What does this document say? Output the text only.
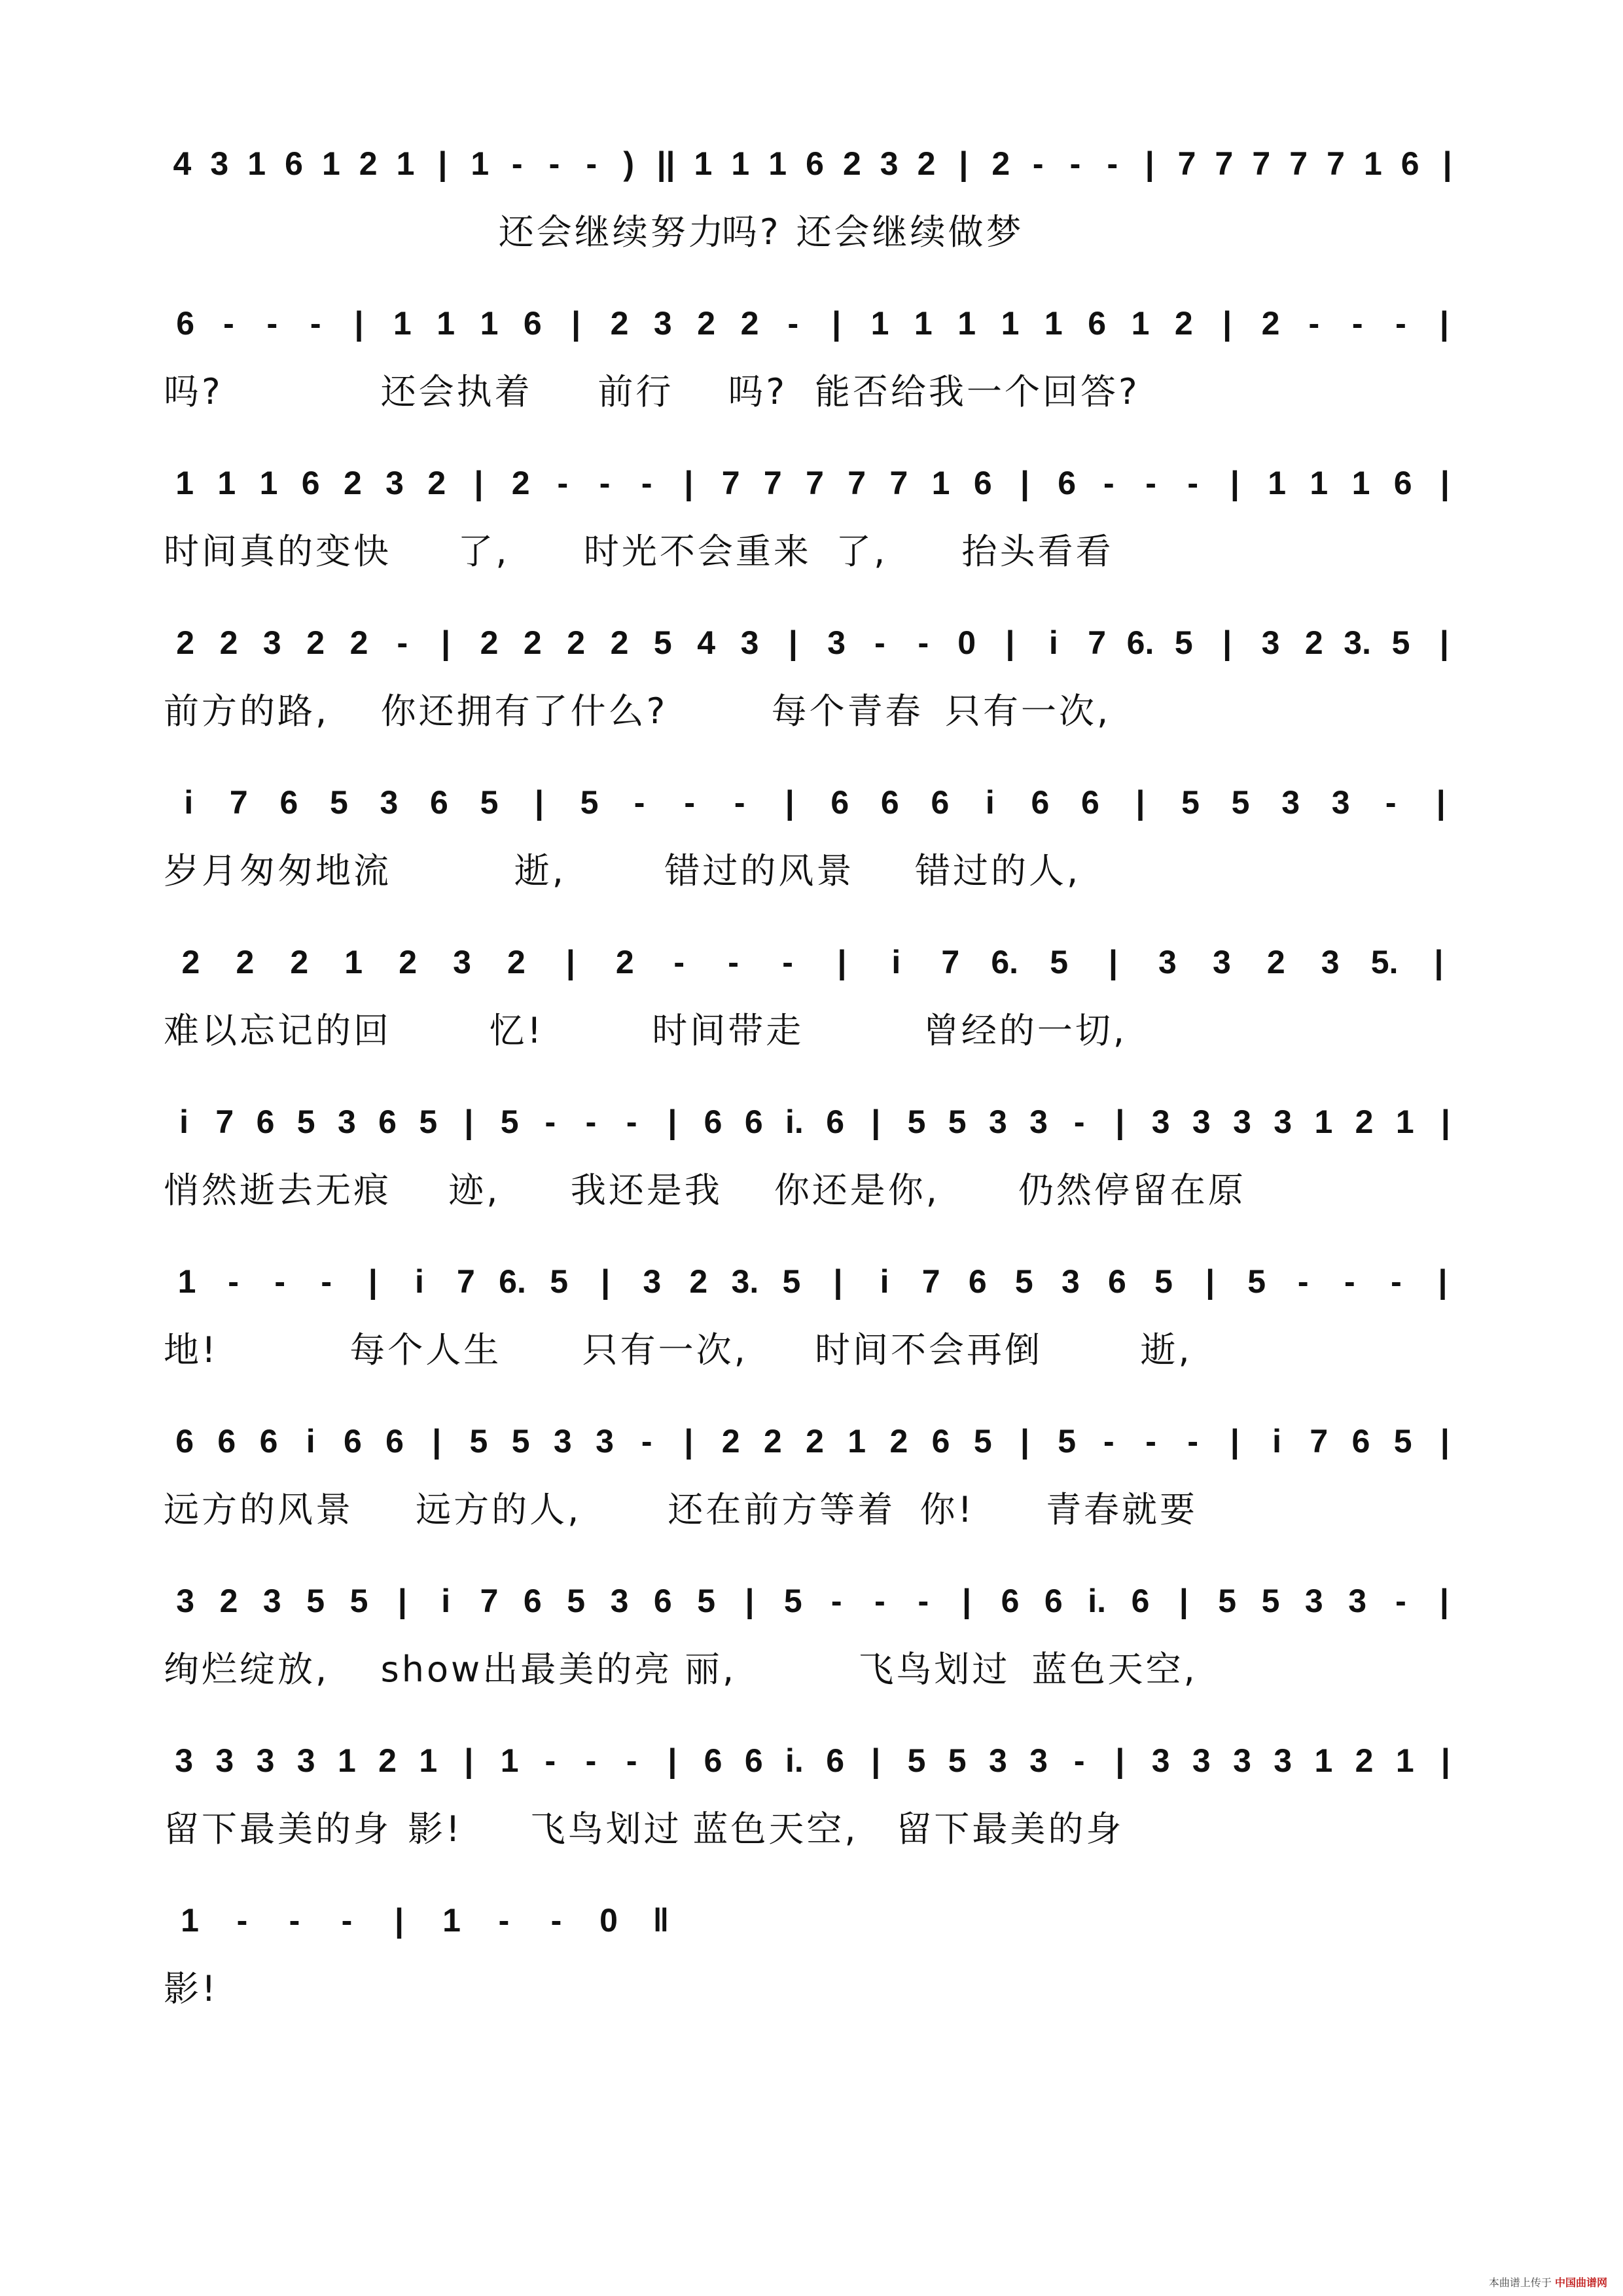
4 3 1 6 1 2 1 | 1 - - - ) || 1 1 1 6 2 3 2 | 2 - - - | 7 7 7 7 7 1 6 |
还会继续努力
吗? 还会继续做梦
6 - - -	| 1 1 1 6 | 2 3 2 2 -	| 1 1 1 1 1 6 1 2 | 2 - - -	|
吗?	还会执着 前行 吗? 能否给我一个回答?
1 1 1 6 2 3 2 | 2 - - - | 7 7 7 7 7 1 6 | 6 - - - | 1 1 1 6 |
时间真的变快 了, 时光不会重来 了, 抬头看看
2 2 3 2 2 -	| 2 2 2 2 5 4 3 | 3 - - 0 |	i 7 6. 5 | 3 2 3. 5 |
前方的路, 你还拥有了什么?	每个青春 只有一次,
i	7 6 5 3 6 5	|	5	-	-	-	|	6 6 6	i	6 6	|	5 5 3 3	-	|
岁月匆匆地流	逝,	错过的风景 错过的人,
2	2	2	1	2	3	2	|	2	-	-	-	|	i	7 6. 5	|	3	3	2	3 5.	|
难以忘记的回	忆!	时间带走	曾经的一切,
i 7 6 5 3 6 5 | 5 - - - | 6 6 i. 6 | 5 5 3 3 - | 3 3 3 3 1 2 1 |
悄然逝去无痕 迹, 我还是我 你还是你, 仍然停留在原
1 -	-	-	|	i	7 6. 5	|	3 2 3. 5	|	i	7 6 5 3 6 5	|	5 -	-	-	|
地!	每个人生 只有一次, 时间不会再倒	逝,
6 6 6 i 6 6 | 5 5 3 3 - | 2 2 2 1 2 6 5 | 5 - - - |	i 7 6 5 |
远方的风景 远方的人, 还在前方等着 你! 青春就要
3 2 3 5 5 |	i 7 6 5 3 6 5 | 5 - - -	| 6 6 i. 6 | 5 5 3 3 -	|
绚烂绽放, show出最美的亮 丽,	飞鸟划过 蓝色天空,
3 3 3 3 1 2 1 | 1 - - - | 6 6 i. 6 | 5 5 3 3 - | 3 3 3 3 1 2 1 |
留下最美的身 影! 飞鸟划过 蓝色天空, 留下最美的身
1	-	-	-	|	1	-	-	0	‖
影!
本曲谱上传于 中国曲谱网
